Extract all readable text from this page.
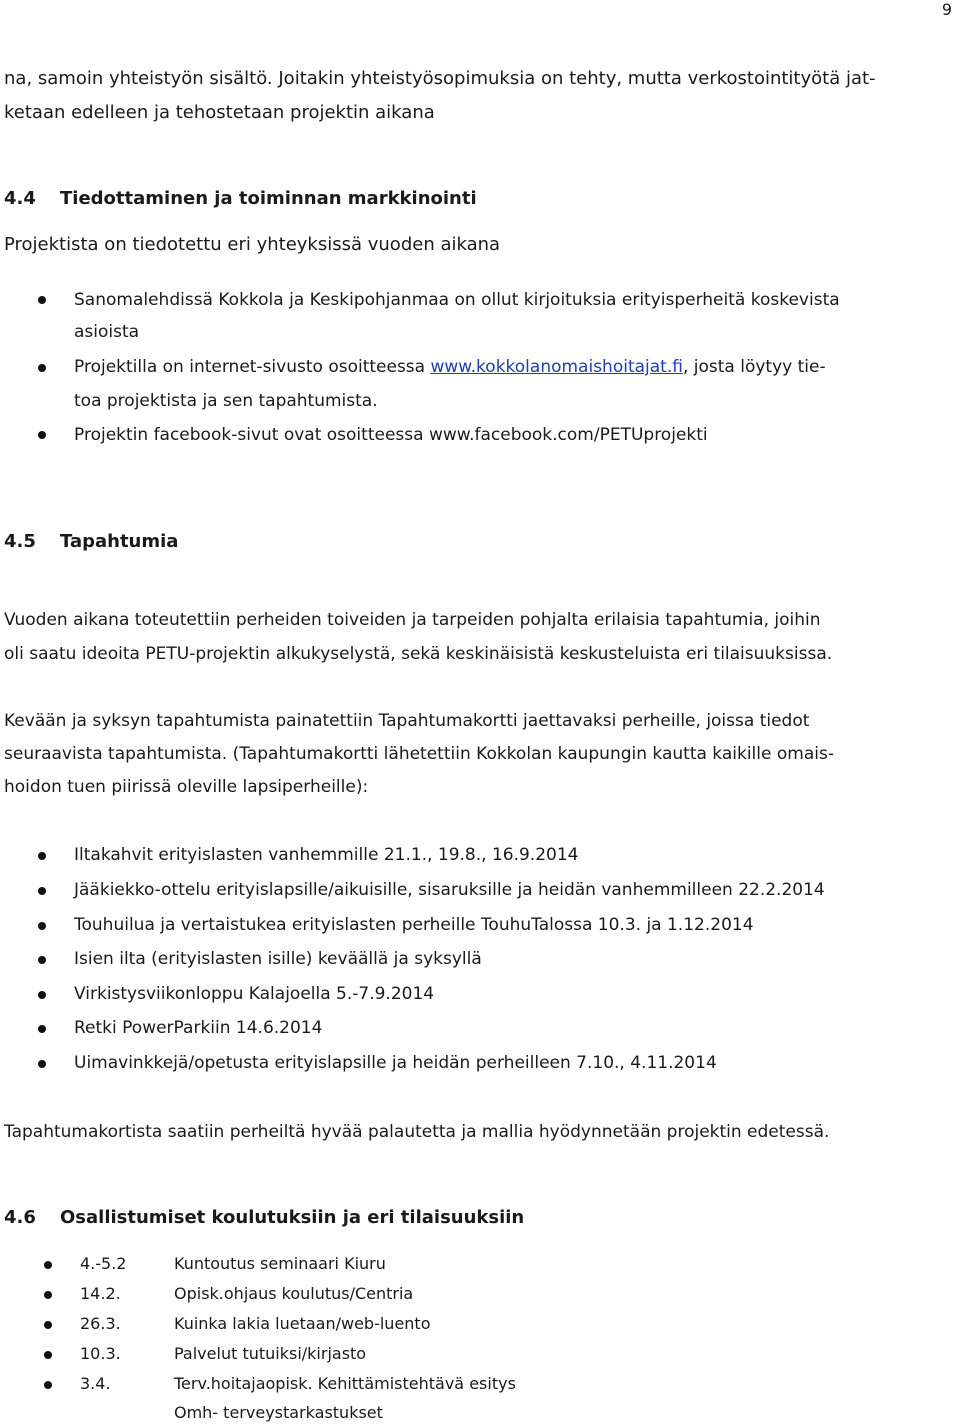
9
na, samoin yhteistyön sisältö. Joitakin yhteistyösopimuksia on tehty, mutta verkostointityötä jat-
ketaan edelleen ja tehostetaan projektin aikana
4.4 Tiedottaminen ja toiminnan markkinointi
Projektista on tiedotettu eri yhteyksissä vuoden aikana
Sanomalehdissä Kokkola ja Keskipohjanmaa on ollut kirjoituksia erityisperheitä koskevista
asioista
Projektilla on internet-sivusto osoitteessa www.kokkolanomaishoitajat.fi, josta löytyy tie-
toa projektista ja sen tapahtumista.
Projektin facebook-sivut ovat osoitteessa www.facebook.com/PETUprojekti
4.5 Tapahtumia
Vuoden aikana toteutettiin perheiden toiveiden ja tarpeiden pohjalta erilaisia tapahtumia, joihin
oli saatu ideoita PETU-projektin alkukyselystä, sekä keskinäisistä keskusteluista eri tilaisuuksissa.
Kevään ja syksyn tapahtumista painatettiin Tapahtumakortti jaettavaksi perheille, joissa tiedot
seuraavista tapahtumista. (Tapahtumakortti lähetettiin Kokkolan kaupungin kautta kaikille omais-
hoidon tuen piirissä oleville lapsiperheille):
Iltakahvit erityislasten vanhemmille 21.1., 19.8., 16.9.2014
Jääkiekko-ottelu erityislapsille/aikuisille, sisaruksille ja heidän vanhemmilleen 22.2.2014
Touhuilua ja vertaistukea erityislasten perheille TouhuTalossa 10.3. ja 1.12.2014
Isien ilta (erityislasten isille) keväällä ja syksyllä
Virkistysviikonloppu Kalajoella 5.-7.9.2014
Retki PowerParkiin 14.6.2014
Uimavinkkejä/opetusta erityislapsille ja heidän perheilleen 7.10., 4.11.2014
Tapahtumakortista saatiin perheiltä hyvää palautetta ja mallia hyödynnetään projektin edetessä.
4.6 Osallistumiset koulutuksiin ja eri tilaisuuksiin
4.-5.2	Kuntoutus seminaari Kiuru
14.2.	Opisk.ohjaus koulutus/Centria
26.3.	Kuinka lakia luetaan/web-luento
10.3.	Palvelut tutuiksi/kirjasto
3.4.	Terv.hoitajaopisk. Kehittämistehtävä esitys
Omh- terveystarkastukset
